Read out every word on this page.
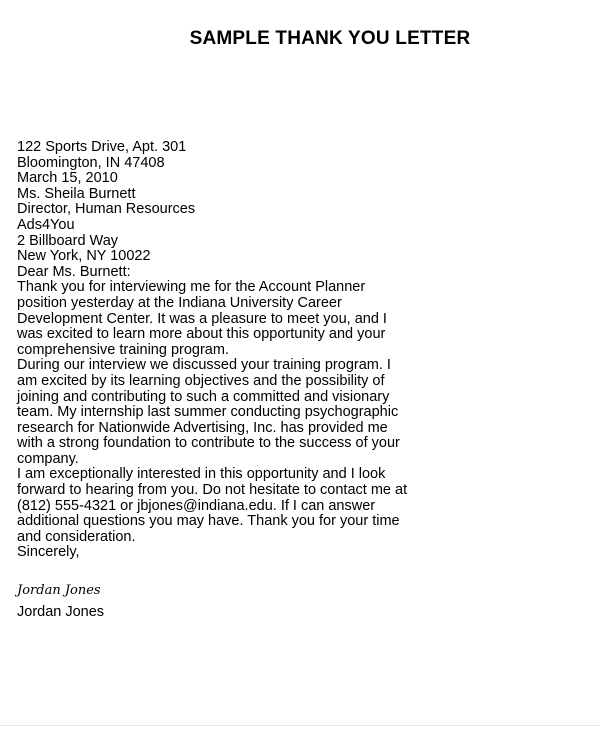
SAMPLE THANK YOU LETTER

122 Sports Drive, Apt. 301
Bloomington, IN 47408

March 15, 2010

Ms. Sheila Burnett
Director, Human Resources
Ads4You
2 Billboard Way
New York, NY 10022

Dear Ms. Burnett:

Thank you for interviewing me for the Account Planner
position yesterday at the Indiana University Career
Development Center. It was a pleasure to meet you, and I
was excited to learn more about this opportunity and your
comprehensive training program.

During our interview we discussed your training program. I
am excited by its learning objectives and the possibility of
joining and contributing to such a committed and visionary
team. My internship last summer conducting psychographic
research for Nationwide Advertising, Inc. has provided me
with a strong foundation to contribute to the success of your
company.

I am exceptionally interested in this opportunity and I look
forward to hearing from you. Do not hesitate to contact me at
(812) 555-4321 or jbjones@indiana.edu. If I can answer
additional questions you may have. Thank you for your time
and consideration.

Sincerely,

Jordan Jones
Jordan Jones
